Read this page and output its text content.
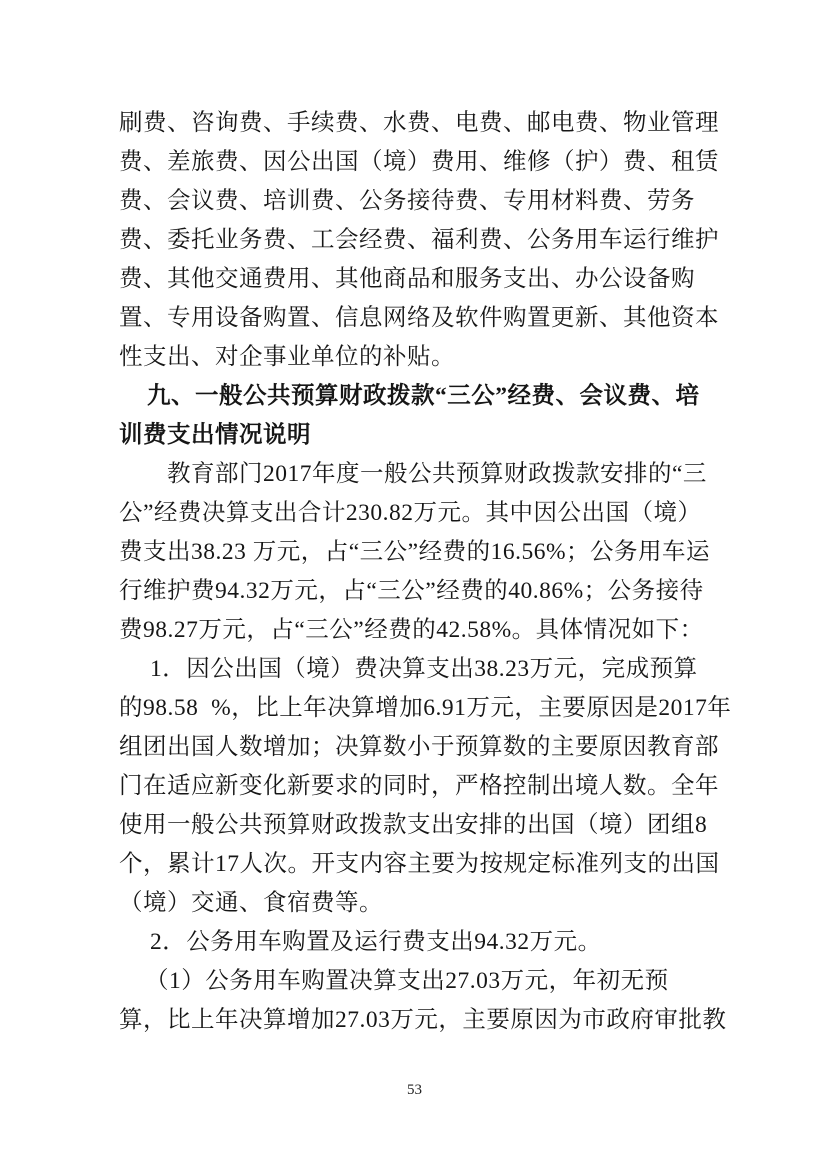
刷费、咨询费、手续费、水费、电费、邮电费、物业管理
费、差旅费、因公出国（境）费用、维修（护）费、租赁
费、会议费、培训费、公务接待费、专用材料费、劳务
费、委托业务费、工会经费、福利费、公务用车运行维护
费、其他交通费用、其他商品和服务支出、办公设备购
置、专用设备购置、信息网络及软件购置更新、其他资本
性支出、对企事业单位的补贴。
九、一般公共预算财政拨款“三公”经费、会议费、培
训费支出情况说明
教育部门2017年度一般公共预算财政拨款安排的“三
公”经费决算支出合计230.82万元。其中因公出国（境）
费支出38.23 万元，占“三公”经费的16.56%；公务用车运
行维护费94.32万元，占“三公”经费的40.86%；公务接待
费98.27万元，占“三公”经费的42.58%。具体情况如下：
1．因公出国（境）费决算支出38.23万元，完成预算
的98.58  %，比上年决算增加6.91万元，主要原因是2017年
组团出国人数增加；决算数小于预算数的主要原因教育部
门在适应新变化新要求的同时，严格控制出境人数。全年
使用一般公共预算财政拨款支出安排的出国（境）团组8
个，累计17人次。开支内容主要为按规定标准列支的出国
（境）交通、食宿费等。
2．公务用车购置及运行费支出94.32万元。
（1）公务用车购置决算支出27.03万元，年初无预
算，比上年决算增加27.03万元，主要原因为市政府审批教
53
